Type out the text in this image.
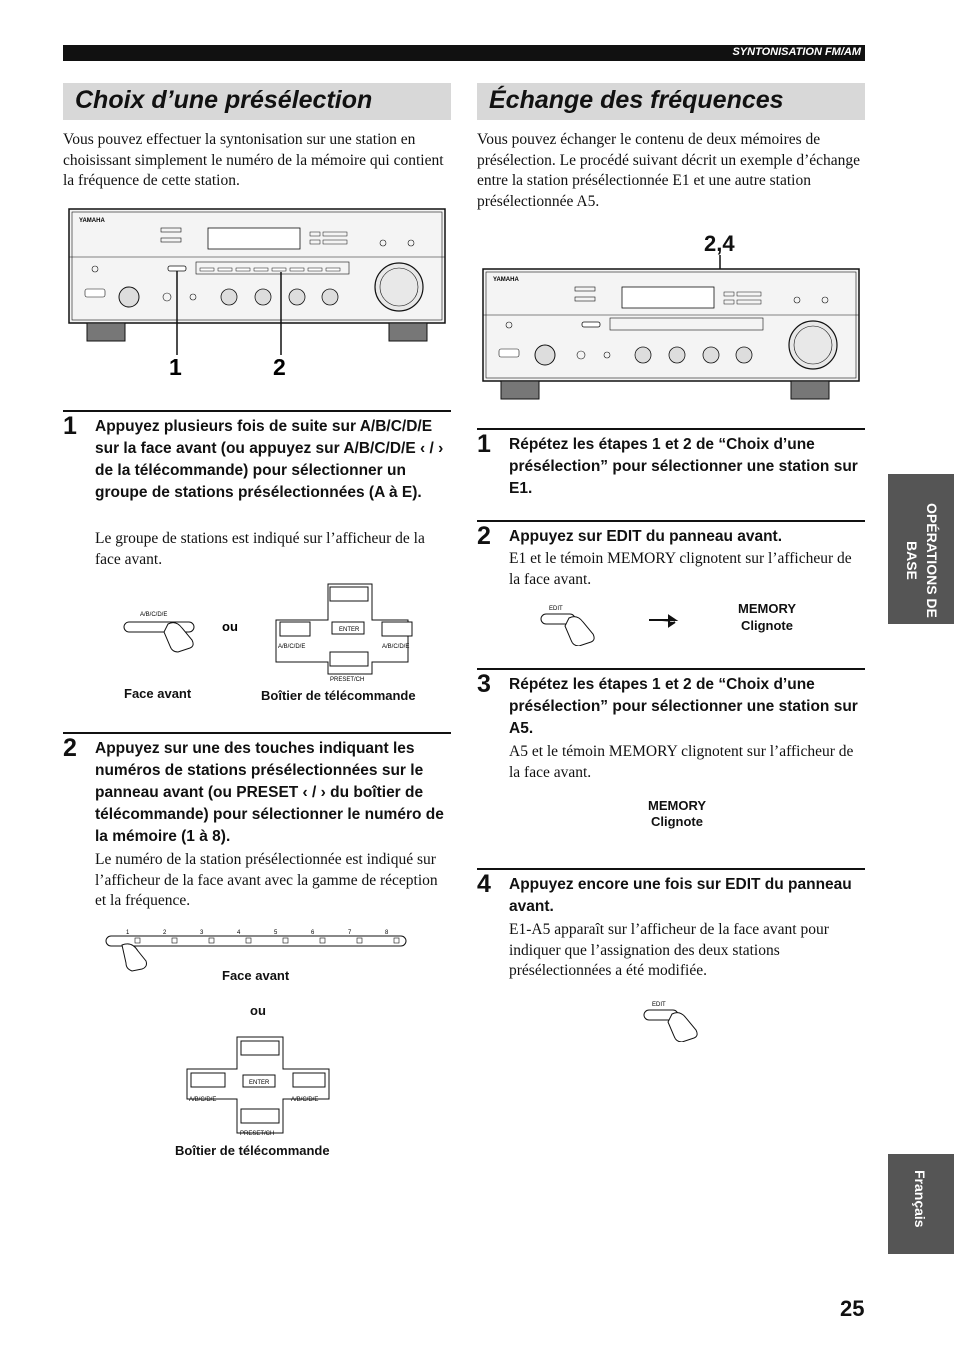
SYNTONISATION FM/AM
Choix d’une présélection

Vous pouvez effectuer la syntonisation sur une station en choisissant simplement le numéro de la mémoire qui contient la fréquence de cette station.

YAMAHA
1	2
1 Appuyez plusieurs fois de suite sur A/B/C/D/E sur la face avant (ou appuyez sur A/B/C/D/E ‹ / › de la télécommande) pour sélectionner un groupe de stations présélectionnées (A à E).

Le groupe de stations est indiqué sur l’afficheur de la face avant.

A/B/C/D/E
ou	ENTER
A/B/C/D/E	A/B/C/D/E
PRESET/CH
Face avant	Boîtier de télécommande
2 Appuyez sur une des touches indiquant les numéros de stations présélectionnées sur le panneau avant (ou PRESET ‹ / › du boîtier de télécommande) pour sélectionner le numéro de la mémoire (1 à 8).

Le numéro de la station présélectionnée est indiqué sur l’afficheur de la face avant avec la gamme de réception et la fréquence.

1	2	3	4	5	6	7	8
Face avant
ou
ENTER
A/B/C/D/E	A/B/C/D/E
PRESET/CH
Boîtier de télécommande
Échange des fréquences

Vous pouvez échanger le contenu de deux mémoires de présélection. Le procédé suivant décrit un exemple d’échange entre la station présélectionnée E1 et une autre station présélectionnée A5.

2,4
YAMAHA
1 Répétez les étapes 1 et 2 de “Choix d’une présélection” pour sélectionner une station sur E1.

2 Appuyez sur EDIT du panneau avant.

E1 et le témoin MEMORY clignotent sur l’afficheur de la face avant.

EDIT	MEMORY
Clignote
3 Répétez les étapes 1 et 2 de “Choix d’une présélection” pour sélectionner une station sur A5.

A5 et le témoin MEMORY clignotent sur l’afficheur de la face avant.

MEMORY
Clignote
4 Appuyez encore une fois sur EDIT du panneau avant.

E1-A5 apparaît sur l’afficheur de la face avant pour indiquer que l’assignation des deux stations présélectionnées a été modifiée.

EDIT
OPÉRATIONS DE BASE
Français
25
